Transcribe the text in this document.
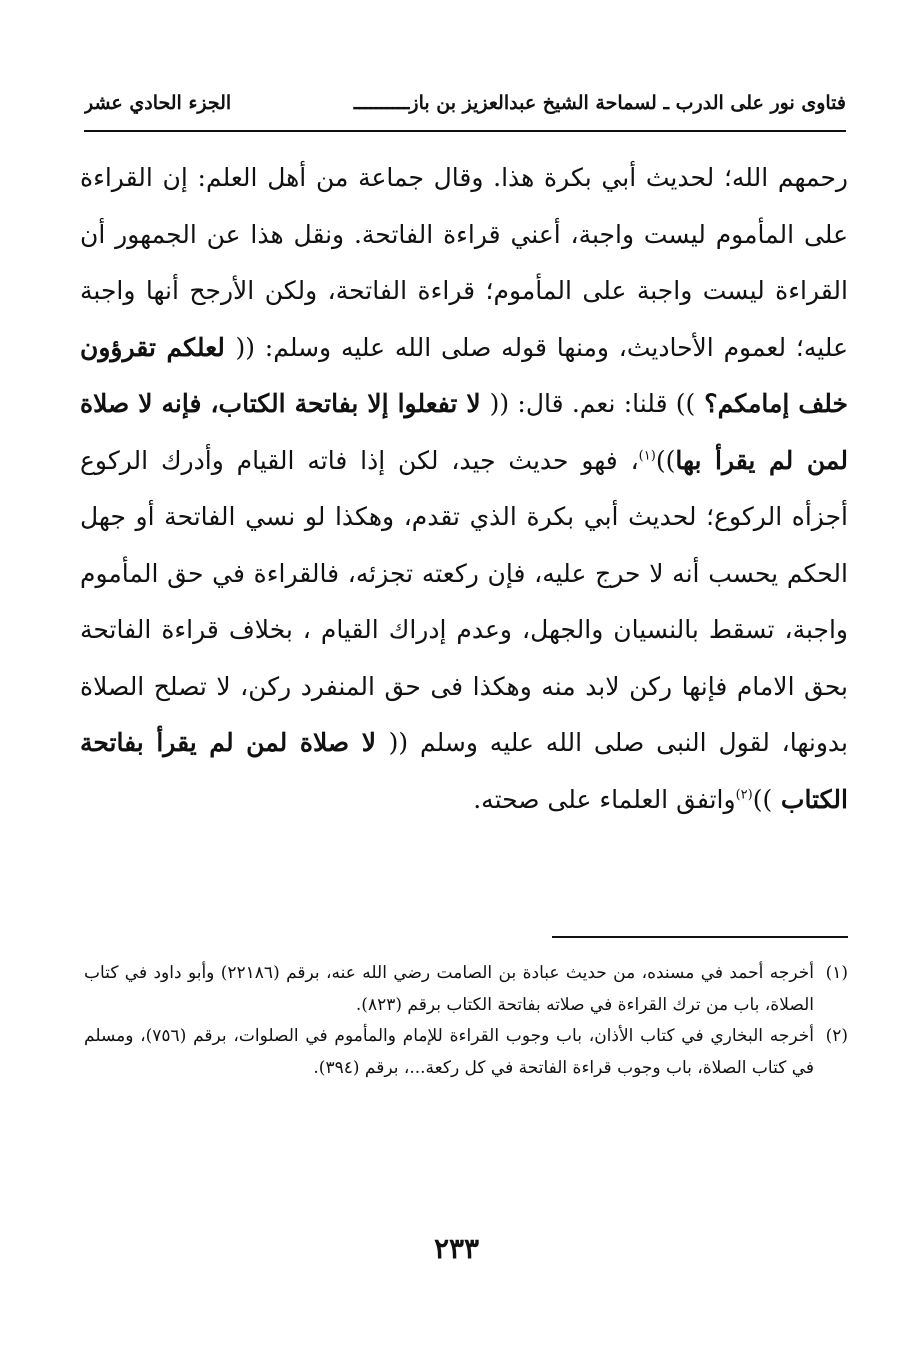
فتاوى نور على الدرب ـ لسماحة الشيخ عبدالعزيز بن بازــــــــــ
الجزء الحادي عشر
رحمهم الله؛ لحديث أبي بكرة هذا. وقال جماعة من أهل العلم: إن القراءة على المأموم ليست واجبة، أعني قراءة الفاتحة. ونقل هذا عن الجمهور أن القراءة ليست واجبة على المأموم؛ قراءة الفاتحة، ولكن الأرجح أنها واجبة عليه؛ لعموم الأحاديث، ومنها قوله صلى الله عليه وسلم: (( لعلكم تقرؤون خلف إمامكم؟ )) قلنا: نعم. قال: (( لا تفعلوا إلا بفاتحة الكتاب، فإنه لا صلاة لمن لم يقرأ بها))$^{(١)}$، فهو حديث جيد، لكن إذا فاته القيام وأدرك الركوع أجزأه الركوع؛ لحديث أبي بكرة الذي تقدم، وهكذا لو نسي الفاتحة أو جهل الحكم يحسب أنه لا حرج عليه، فإن ركعته تجزئه، فالقراءة في حق المأموم واجبة، تسقط بالنسيان والجهل، وعدم إدراك القيام ، بخلاف قراءة الفاتحة بحق الامام فإنها ركن لابد منه وهكذا فى حق المنفرد ركن، لا تصلح الصلاة بدونها، لقول النبى صلى الله عليه وسلم (( لا صلاة لمن لم يقرأ بفاتحة الكتاب ))$^{(٢)}$واتفق العلماء على صحته.
(١)
أخرجه أحمد في مسنده، من حديث عبادة بن الصامت رضي الله عنه، برقم (٢٢١٨٦) وأبو داود في كتاب الصلاة، باب من ترك القراءة في صلاته بفاتحة الكتاب برقم (٨٢٣).
(٢)
أخرجه البخاري في كتاب الأذان، باب وجوب القراءة للإمام والمأموم في الصلوات، برقم (٧٥٦)، ومسلم في كتاب الصلاة، باب وجوب قراءة الفاتحة في كل ركعة...، برقم (٣٩٤).
٢٣٣
